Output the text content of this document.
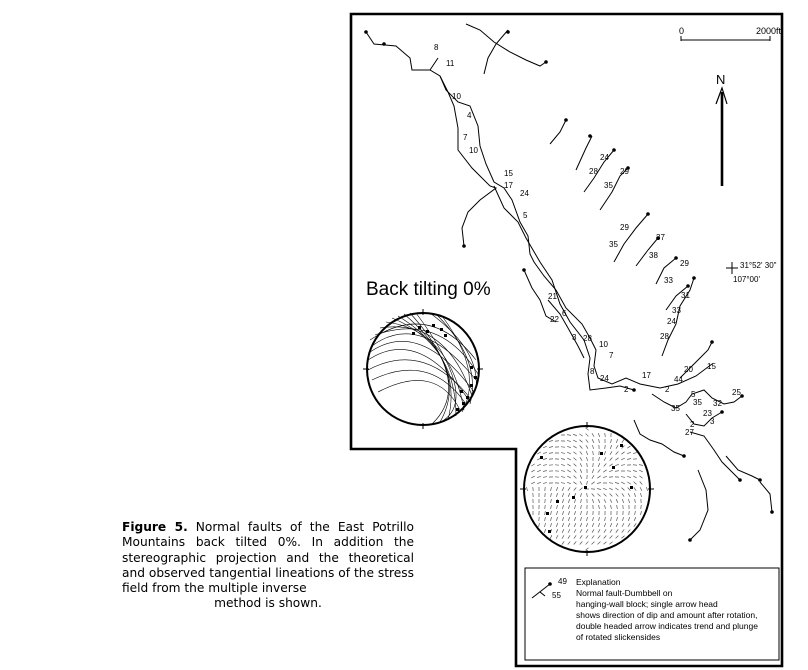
0	2000ft
N
31°52' 30"
107°00'
8
11
10
4
7
10
15
17
24
5
24
28	29
35
29
35
37
38
29
33
31
33
24
28
21
6
22
3 28
10
7
8
24
2
17	44
20 15
5
35
25
32
23
35
3
2
27
2
Back tilting 0%
49
55
Explanation
Normal fault-Dumbbell on
hanging-wall block; single arrow head
shows direction of dip and amount after rotation,
double headed arrow indicates trend and plunge
of rotated slickensides
Figure 5. Normal faults of the East Potrillo Mountains back tilted 0%. In addition the stereographic projection and the theoretical and observed tangential lineations of the stress field from the multiple inverse
method is shown.
